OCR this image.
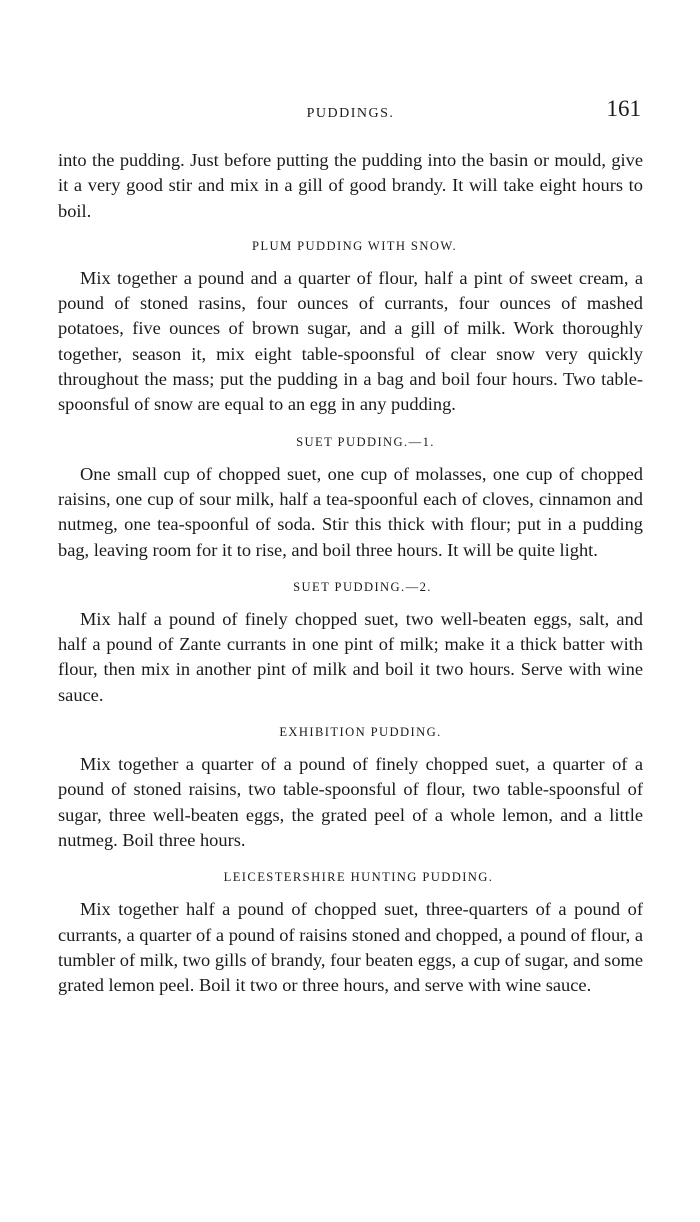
PUDDINGS.	161

into the pudding. Just before putting the pudding into the basin or mould, give it a very good stir and mix in a gill of good brandy. It will take eight hours to boil.

PLUM PUDDING WITH SNOW.

Mix together a pound and a quarter of flour, half a pint of sweet cream, a pound of stoned rasins, four ounces of currants, four ounces of mashed potatoes, five ounces of brown sugar, and a gill of milk. Work thoroughly together, season it, mix eight table-spoonsful of clear snow very quickly throughout the mass; put the pudding in a bag and boil four hours. Two table-spoonsful of snow are equal to an egg in any pudding.

SUET PUDDING.—1.

One small cup of chopped suet, one cup of molasses, one cup of chopped raisins, one cup of sour milk, half a tea-spoonful each of cloves, cinnamon and nutmeg, one tea-spoonful of soda. Stir this thick with flour; put in a pudding bag, leaving room for it to rise, and boil three hours. It will be quite light.

SUET PUDDING.—2.

Mix half a pound of finely chopped suet, two well-beaten eggs, salt, and half a pound of Zante currants in one pint of milk; make it a thick batter with flour, then mix in another pint of milk and boil it two hours. Serve with wine sauce.

EXHIBITION PUDDING.

Mix together a quarter of a pound of finely chopped suet, a quarter of a pound of stoned raisins, two table-spoonsful of flour, two table-spoonsful of sugar, three well-beaten eggs, the grated peel of a whole lemon, and a little nutmeg. Boil three hours.

LEICESTERSHIRE HUNTING PUDDING.

Mix together half a pound of chopped suet, three-quarters of a pound of currants, a quarter of a pound of raisins stoned and chopped, a pound of flour, a tumbler of milk, two gills of brandy, four beaten eggs, a cup of sugar, and some grated lemon peel. Boil it two or three hours, and serve with wine sauce.
